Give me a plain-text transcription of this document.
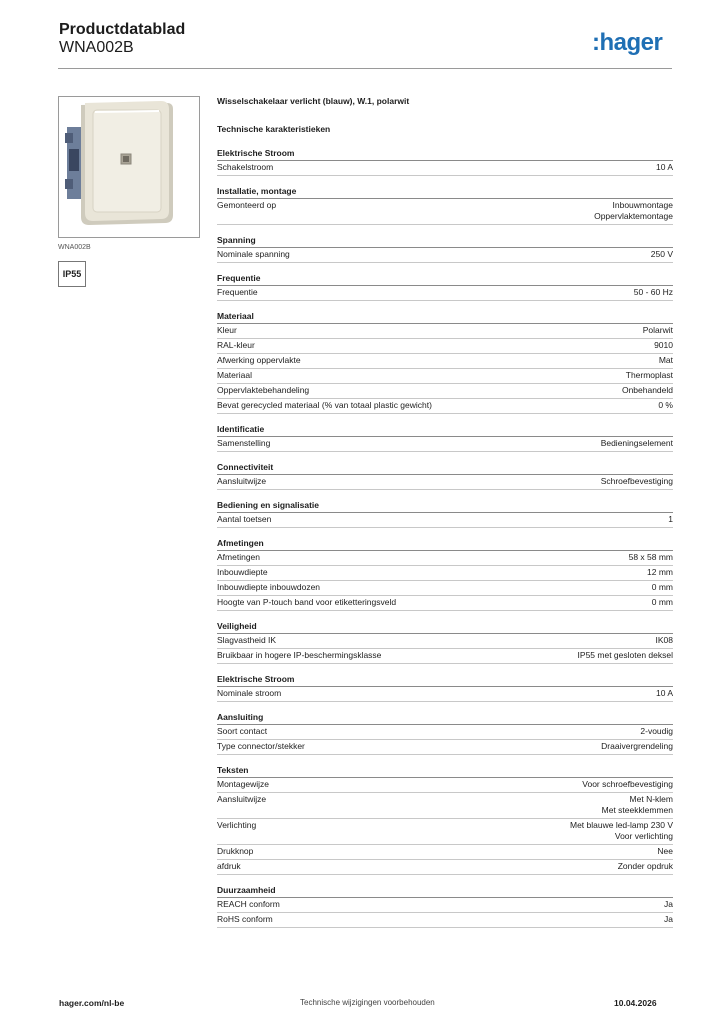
Productdatablad
WNA002B	:hager
WNA002B
IP55
Wisselschakelaar verlicht (blauw), W.1, polarwit
Technische karakteristieken
Elektrische Stroom
Schakelstroom	10 A
Installatie, montage
Gemonteerd op	Inbouwmontage
Oppervlaktemontage
Spanning
Nominale spanning	250 V
Frequentie
Frequentie	50 - 60 Hz
Materiaal
Kleur	Polarwit
RAL-kleur	9010
Afwerking oppervlakte	Mat
Materiaal	Thermoplast
Oppervlaktebehandeling	Onbehandeld
Bevat gerecycled materiaal (% van totaal plastic gewicht)	0 %
Identificatie
Samenstelling	Bedieningselement
Connectiviteit
Aansluitwijze	Schroefbevestiging
Bediening en signalisatie
Aantal toetsen	1
Afmetingen
Afmetingen	58 x 58 mm
Inbouwdiepte	12 mm
Inbouwdiepte inbouwdozen	0 mm
Hoogte van P-touch band voor etiketteringsveld	0 mm
Veiligheid
Slagvastheid IK	IK08
Bruikbaar in hogere IP-beschermingsklasse	IP55 met gesloten deksel
Elektrische Stroom
Nominale stroom	10 A
Aansluiting
Soort contact	2-voudig
Type connector/stekker	Draaivergrendeling
Teksten
Montagewijze	Voor schroefbevestiging
Aansluitwijze	Met N-klem
Met steekklemmen
Verlichting	Met blauwe led-lamp 230 V
Voor verlichting
Drukknop	Nee
afdruk	Zonder opdruk
Duurzaamheid
REACH conform	Ja
RoHS conform	Ja
hager.com/nl-be	Technische wijzigingen voorbehouden	10.04.2026
